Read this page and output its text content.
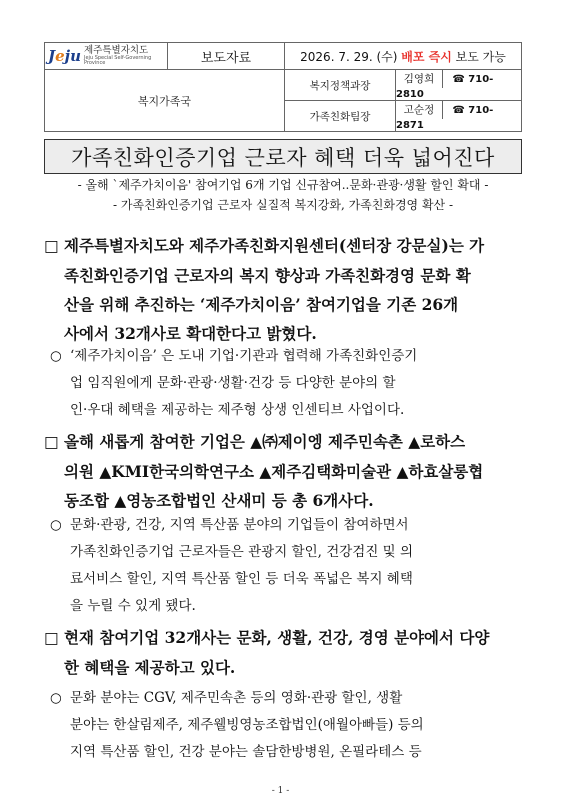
Jeju 제주특별자치도
Jeju Special Self-Governing Province	보도자료	2026. 7. 29. (수) 배포 즉시 보도 가능	
복지가족국		복지정책과장	김영희 ☎ 710-2810
		가족친화팀장	고순정 ☎ 710-2871
가족친화인증기업 근로자 혜택 더욱 넓어진다
- 올해 `제주가치이음' 참여기업 6개 기업 신규참여..문화·관광·생활 할인 확대 -
- 가족친화인증기업 근로자 실질적 복지강화, 가족친화경영 확산 -
□ 제주특별자치도와 제주가족친화지원센터(센터장 강문실)는 가
족친화인증기업 근로자의 복지 향상과 가족친화경영 문화 확
산을 위해 추진하는 ‘제주가치이음’ 참여기업을 기존 26개
사에서 32개사로 확대한다고 밝혔다.
○ ‘제주가치이음’ 은 도내 기업·기관과 협력해 가족친화인증기
업 임직원에게 문화·관광·생활·건강 등 다양한 분야의 할
인·우대 혜택을 제공하는 제주형 상생 인센티브 사업이다.
□ 올해 새롭게 참여한 기업은 ▲㈜제이엥 제주민속촌 ▲로하스
의원 ▲KMI한국의학연구소 ▲제주김택화미술관 ▲하효살롱협
동조합 ▲영농조합법인 산새미 등 총 6개사다.
○ 문화·관광, 건강, 지역 특산품 분야의 기업들이 참여하면서
가족친화인증기업 근로자들은 관광지 할인, 건강검진 및 의
료서비스 할인, 지역 특산품 할인 등 더욱 폭넓은 복지 혜택
을 누릴 수 있게 됐다.
□ 현재 참여기업 32개사는 문화, 생활, 건강, 경영 분야에서 다양
한 혜택을 제공하고 있다.
○ 문화 분야는 CGV, 제주민속촌 등의 영화·관광 할인, 생활
분야는 한살림제주, 제주웰빙영농조합법인(애월아빠들) 등의
지역 특산품 할인, 건강 분야는 솔담한방병원, 온필라테스 등
- 1 -
